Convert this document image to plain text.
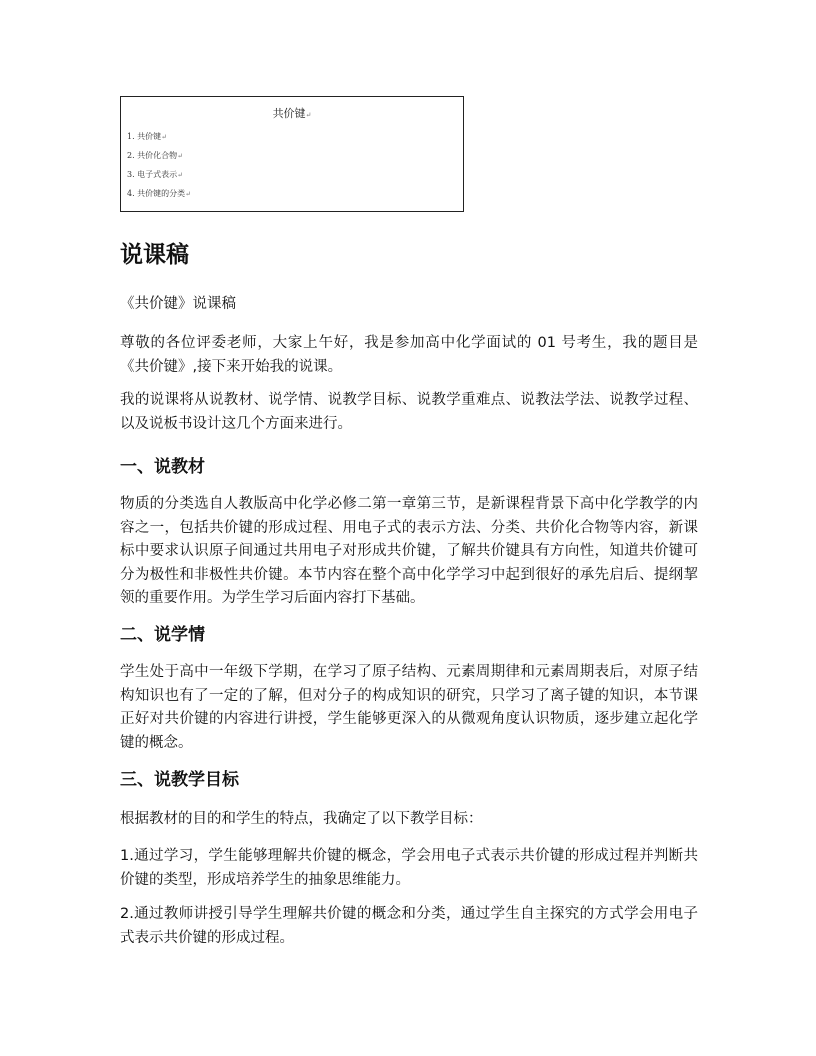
共价键↵
1. 共价键↵
2. 共价化合物↵
3. 电子式表示↵
4. 共价键的分类↵
说课稿

《共价键》说课稿

尊敬的各位评委老师，大家上午好，我是参加高中化学面试的 01 号考生，我的题目是《共价键》,接下来开始我的说课。

我的说课将从说教材、说学情、说教学目标、说教学重难点、说教法学法、说教学过程、以及说板书设计这几个方面来进行。

一、说教材

物质的分类选自人教版高中化学必修二第一章第三节，是新课程背景下高中化学教学的内容之一，包括共价键的形成过程、用电子式的表示方法、分类、共价化合物等内容，新课标中要求认识原子间通过共用电子对形成共价键，了解共价键具有方向性，知道共价键可分为极性和非极性共价键。本节内容在整个高中化学学习中起到很好的承先启后、提纲挈领的重要作用。为学生学习后面内容打下基础。

二、说学情

学生处于高中一年级下学期，在学习了原子结构、元素周期律和元素周期表后，对原子结构知识也有了一定的了解，但对分子的构成知识的研究，只学习了离子键的知识，本节课正好对共价键的内容进行讲授，学生能够更深入的从微观角度认识物质，逐步建立起化学键的概念。

三、说教学目标

根据教材的目的和学生的特点，我确定了以下教学目标：

1.通过学习，学生能够理解共价键的概念，学会用电子式表示共价键的形成过程并判断共价键的类型，形成培养学生的抽象思维能力。

2.通过教师讲授引导学生理解共价键的概念和分类，通过学生自主探究的方式学会用电子式表示共价键的形成过程。
